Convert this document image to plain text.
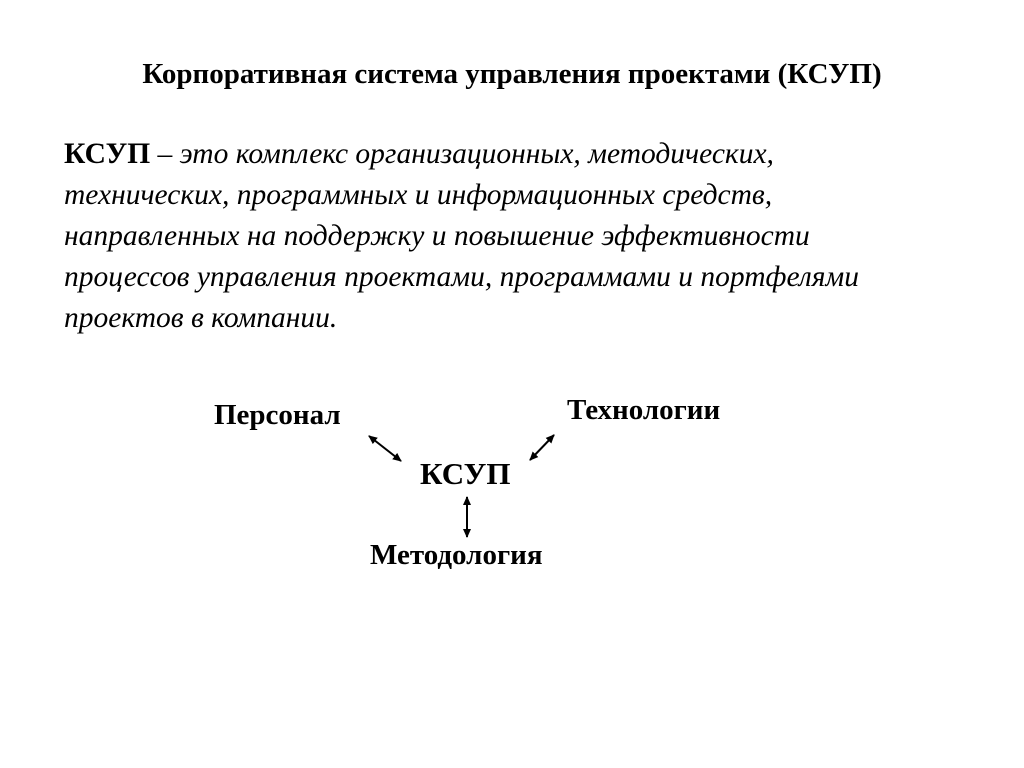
Корпоративная система управления проектами (КСУП)
КСУП – это комплекс организационных, методических,
технических, программных и информационных средств,
направленных на поддержку и повышение эффективности
процессов управления проектами, программами и портфелями
проектов в компании.
Персонал	Технологии
КСУП
Методология
